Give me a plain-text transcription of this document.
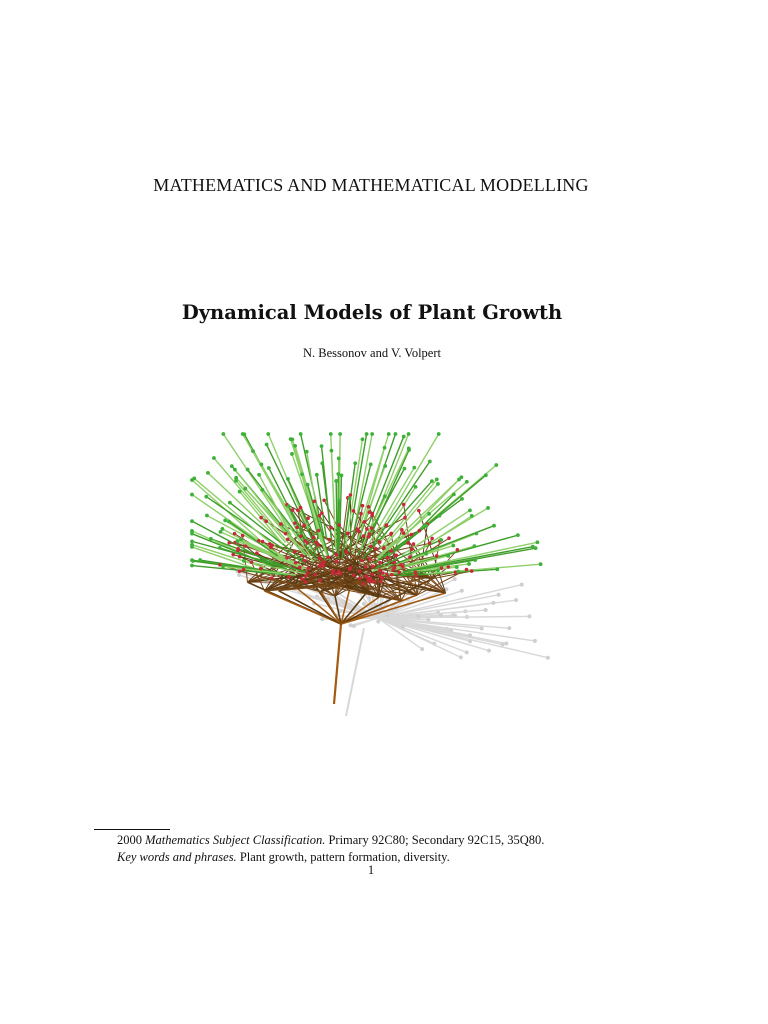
MATHEMATICS AND MATHEMATICAL MODELLING
Dynamical Models of Plant Growth
N. Bessonov and V. Volpert
2000 Mathematics Subject Classification. Primary 92C80; Secondary 92C15, 35Q80.
Key words and phrases. Plant growth, pattern formation, diversity.
1
